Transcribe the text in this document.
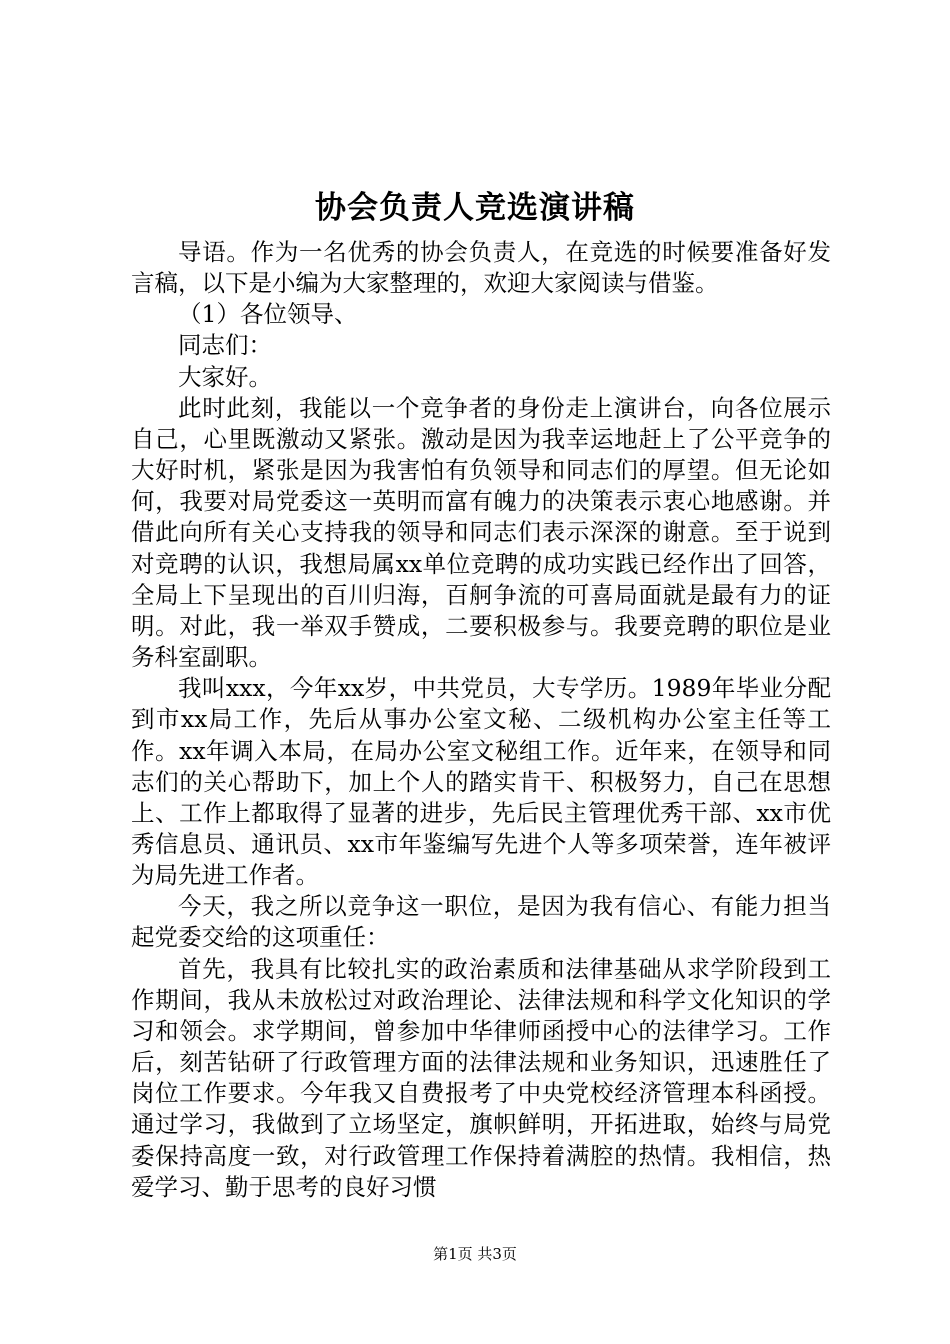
协会负责人竞选演讲稿

导语。作为一名优秀的协会负责人，在竞选的时候要准备好发言稿，以下是小编为大家整理的，欢迎大家阅读与借鉴。

（1）各位领导、

同志们：

大家好。

此时此刻，我能以一个竞争者的身份走上演讲台，向各位展示自己，心里既激动又紧张。激动是因为我幸运地赶上了公平竞争的大好时机，紧张是因为我害怕有负领导和同志们的厚望。但无论如何，我要对局党委这一英明而富有魄力的决策表示衷心地感谢。并借此向所有关心支持我的领导和同志们表示深深的谢意。至于说到对竞聘的认识，我想局属xx单位竞聘的成功实践已经作出了回答，全局上下呈现出的百川归海，百舸争流的可喜局面就是最有力的证明。对此，我一举双手赞成，二要积极参与。我要竞聘的职位是业务科室副职。

我叫xxx，今年xx岁，中共党员，大专学历。1989年毕业分配到市xx局工作，先后从事办公室文秘、二级机构办公室主任等工作。xx年调入本局，在局办公室文秘组工作。近年来，在领导和同志们的关心帮助下，加上个人的踏实肯干、积极努力，自己在思想上、工作上都取得了显著的进步，先后民主管理优秀干部、xx市优秀信息员、通讯员、xx市年鉴编写先进个人等多项荣誉，连年被评为局先进工作者。

今天，我之所以竞争这一职位，是因为我有信心、有能力担当起党委交给的这项重任：

首先，我具有比较扎实的政治素质和法律基础从求学阶段到工作期间，我从未放松过对政治理论、法律法规和科学文化知识的学习和领会。求学期间，曾参加中华律师函授中心的法律学习。工作后，刻苦钻研了行政管理方面的法律法规和业务知识，迅速胜任了岗位工作要求。今年我又自费报考了中央党校经济管理本科函授。通过学习，我做到了立场坚定，旗帜鲜明，开拓进取，始终与局党委保持高度一致，对行政管理工作保持着满腔的热情。我相信，热爱学习、勤于思考的良好习惯

第1页 共3页
